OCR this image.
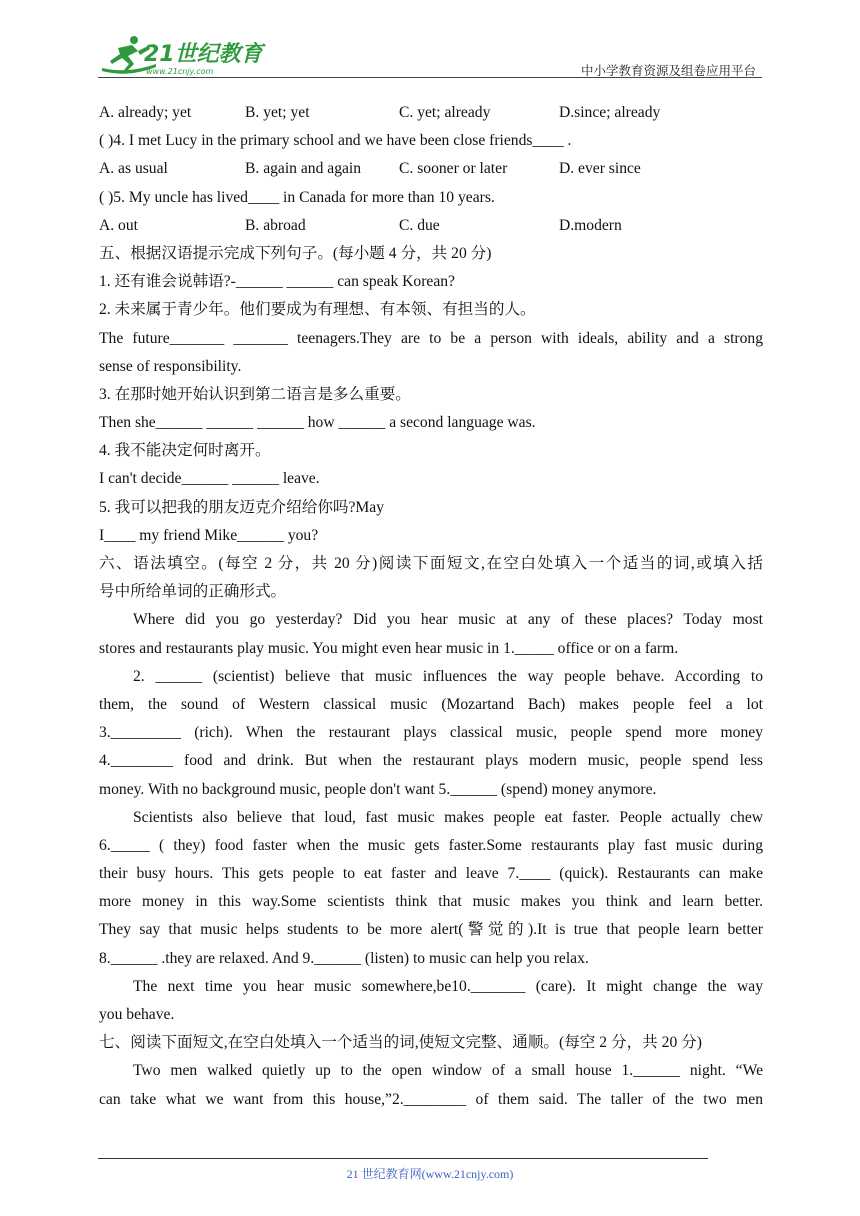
21世纪教育
www.21cnjy.com	中小学教育资源及组卷应用平台
A. already; yet	B. yet; yet	C. yet; already	D.since; already
( )4. I met Lucy in the primary school and we have been close friends____ .
A. as usual	B. again and again	C. sooner or later	D. ever since
( )5. My uncle has lived____ in Canada for more than 10 years.
A. out	B. abroad	C. due	D.modern
五、根据汉语提示完成下列句子。(每小题 4 分，共 20 分)
1. 还有谁会说韩语?-______ ______ can speak Korean?
2. 未来属于青少年。他们要成为有理想、有本领、有担当的人。
The future_______ _______ teenagers.They are to be a person with ideals, ability and a strong
sense of responsibility.
3. 在那时她开始认识到第二语言是多么重要。
Then she______ ______ ______ how ______ a second language was.
4. 我不能决定何时离开。
I can't decide______ ______ leave.
5. 我可以把我的朋友迈克介绍给你吗?May
I____ my friend Mike______ you?
六、语法填空。(每空 2 分，共 20 分)阅读下面短文,在空白处填入一个适当的词,或填入括
号中所给单词的正确形式。
Where did you go yesterday? Did you hear music at any of these places? Today most
stores and restaurants play music. You might even hear music in 1._____ office or on a farm.
2. ______ (scientist) believe that music influences the way people behave. According to
them, the sound of Western classical music (Mozartand Bach) makes people feel a lot
3._________ (rich). When the restaurant plays classical music, people spend more money
4.________ food and drink. But when the restaurant plays modern music, people spend less
money. With no background music, people don't want 5.______ (spend) money anymore.
Scientists also believe that loud, fast music makes people eat faster. People actually chew
6._____ ( they) food faster when the music gets faster.Some restaurants play fast music during
their busy hours. This gets people to eat faster and leave 7.____ (quick). Restaurants can make
more money in this way.Some scientists think that music makes you think and learn better.
They say that music helps students to be more alert(警觉的).It is true that people learn better
8.______ .they are relaxed. And 9.______ (listen) to music can help you relax.
The next time you hear music somewhere,be10._______ (care). It might change the way
you behave.
七、阅读下面短文,在空白处填入一个适当的词,使短文完整、通顺。(每空 2 分，共 20 分)
Two men walked quietly up to the open window of a small house 1.______ night. “We
can take what we want from this house,”2.________ of them said. The taller of the two men
21 世纪教育网(www.21cnjy.com)
